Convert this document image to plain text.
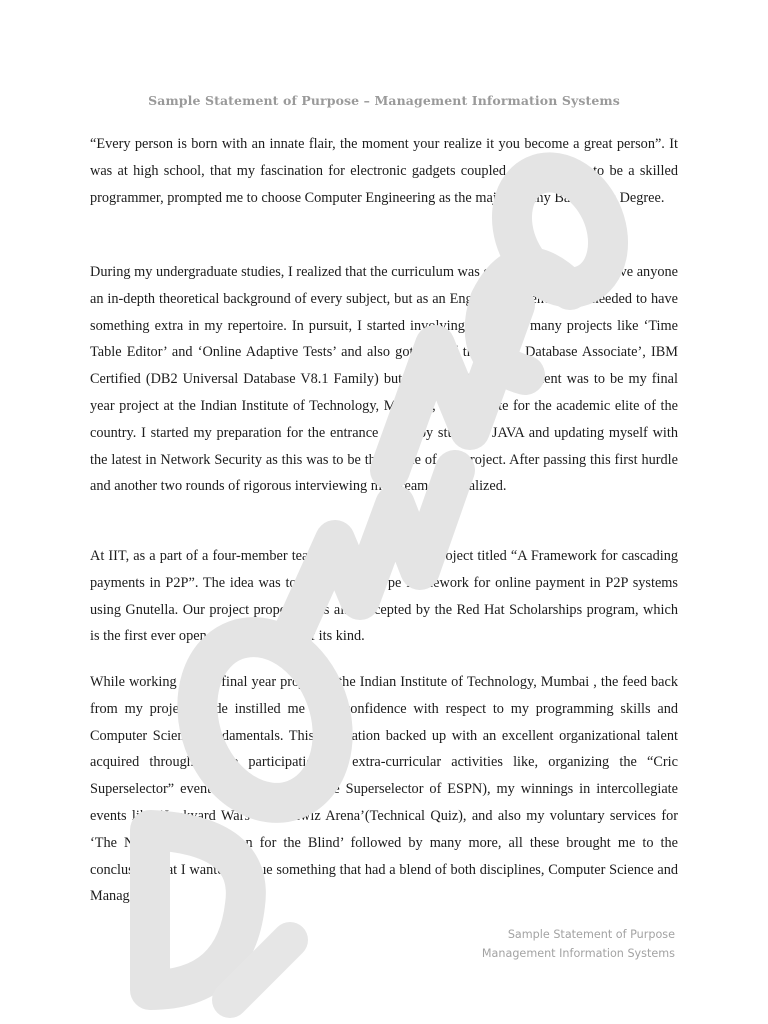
Sample Statement of Purpose – Management Information Systems

“Every person is born with an innate flair, the moment your realize it you become a great person”. It was at high school, that my fascination for electronic gadgets coupled with a desire to be a skilled programmer, prompted me to choose Computer Engineering as the major for my Bachelor’s Degree.

During my undergraduate studies, I realized that the curriculum was exhaustive enough to give anyone an in-depth theoretical background of every subject, but as an Engineer is it enough? I needed to have something extra in my repertoire. In pursuit, I started involving myself in many projects like ‘Time Table Editor’ and ‘Online Adaptive Tests’ and also got myself the tag of Database Associate’, IBM Certified (DB2 Universal Database V8.1 Family) but my crowning achievement was to be my final year project at the Indian Institute of Technology, Mumbai, the institute for the academic elite of the country. I started my preparation for the entrance exam by studying JAVA and updating myself with the latest in Network Security as this was to be the theme of my project. After passing this first hurdle and another two rounds of rigorous interviewing my dream was realized.

At IIT, as a part of a four-member team we were allotted a project titled “A Framework for cascading payments in P2P”. The idea was to build a prototype framework for online payment in P2P systems using Gnutella. Our project proposal was also accepted by the Red Hat Scholarships program, which is the first ever open source program of its kind.

While working on my final year project at the Indian Institute of Technology, Mumbai , the feed back from my project guide instilled me with confidence with respect to my programming skills and Computer Science fundamentals. This realization backed up with an excellent organizational talent acquired through active participation in extra-curricular activities like, organizing the “Cric Superselector” event (model based on the Superselector of ESPN), my winnings in intercollegiate events like ‘Junkyard Wars’ and ‘Kwiz Arena’(Technical Quiz), and also my voluntary services for ‘The National Asssociation for the Blind’ followed by many more, all these brought me to the conclusion that I wanted pursue something that had a blend of both disciplines, Computer Science and Management.

Sample Statement of Purpose
Management Information Systems
